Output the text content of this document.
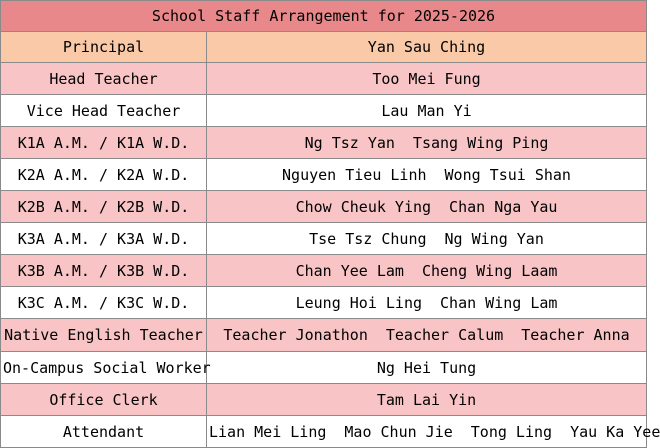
School Staff Arrangement for 2025-2026	
Principal	Yan Sau Ching
Head Teacher	Too Mei Fung
Vice Head Teacher	Lau Man Yi
K1A A.M. / K1A W.D.	Ng Tsz Yan Tsang Wing Ping
K2A A.M. / K2A W.D.	Nguyen Tieu Linh Wong Tsui Shan
K2B A.M. / K2B W.D.	Chow Cheuk Ying Chan Nga Yau
K3A A.M. / K3A W.D.	Tse Tsz Chung Ng Wing Yan
K3B A.M. / K3B W.D.	Chan Yee Lam Cheng Wing Laam
K3C A.M. / K3C W.D.	Leung Hoi Ling Chan Wing Lam
Native English Teacher	Teacher Jonathon Teacher Calum Teacher Anna
On-Campus Social Worker	Ng Hei Tung
Office Clerk	Tam Lai Yin
Attendant	Lian Mei Ling Mao Chun Jie Tong Ling Yau Ka Yee
